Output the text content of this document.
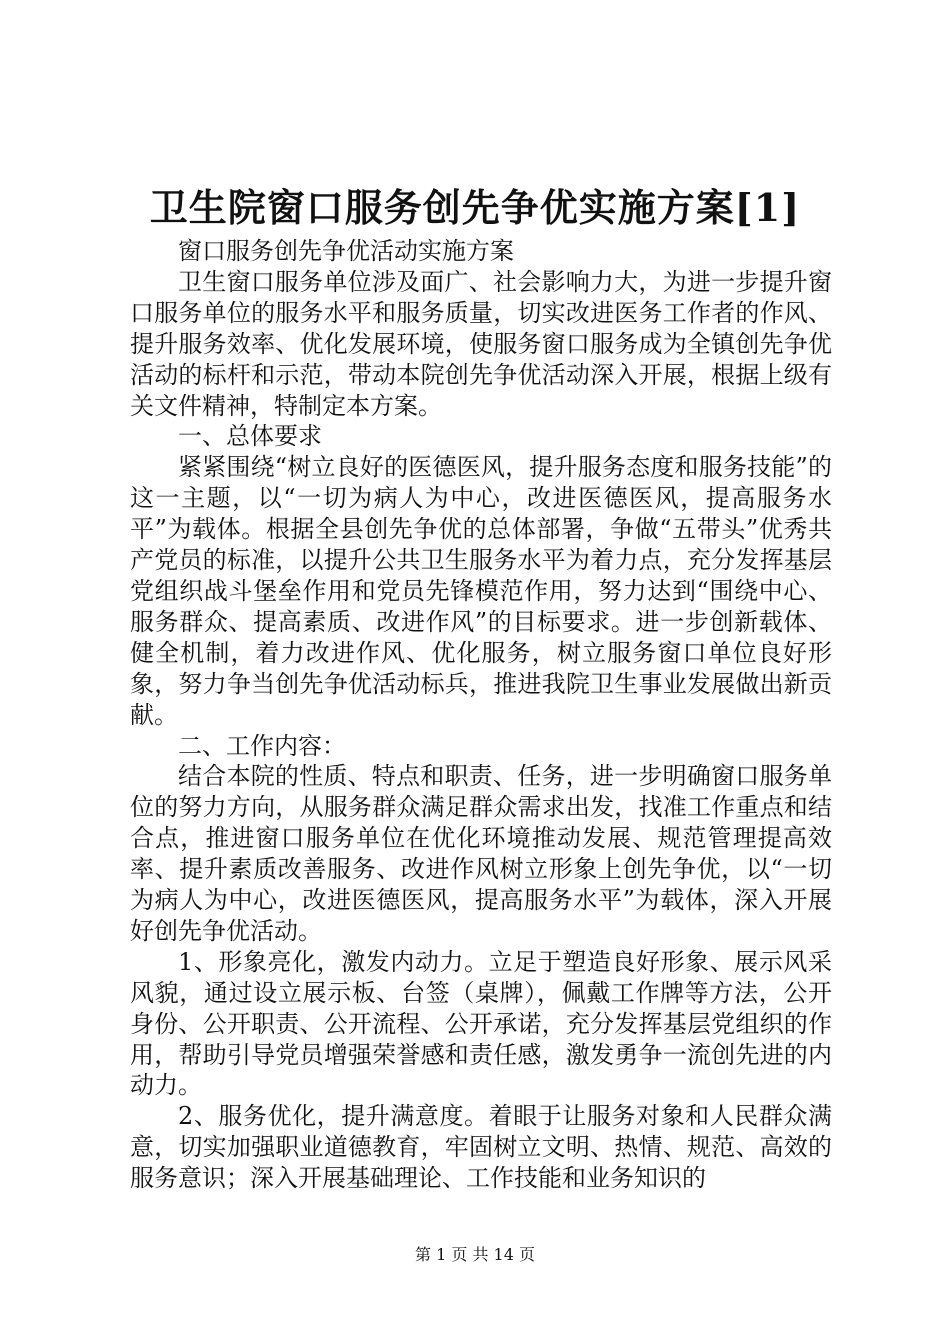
卫生院窗口服务创先争优实施方案[1]

窗口服务创先争优活动实施方案

卫生窗口服务单位涉及面广、社会影响力大，为进一步提升窗口服务单位的服务水平和服务质量，切实改进医务工作者的作风、提升服务效率、优化发展环境，使服务窗口服务成为全镇创先争优活动的标杆和示范，带动本院创先争优活动深入开展，根据上级有关文件精神，特制定本方案。

一、总体要求

紧紧围绕“树立良好的医德医风，提升服务态度和服务技能”的这一主题，以“一切为病人为中心，改进医德医风，提高服务水平”为载体。根据全县创先争优的总体部署，争做“五带头”优秀共产党员的标准，以提升公共卫生服务水平为着力点，充分发挥基层党组织战斗堡垒作用和党员先锋模范作用，努力达到“围绕中心、服务群众、提高素质、改进作风”的目标要求。进一步创新载体、健全机制，着力改进作风、优化服务，树立服务窗口单位良好形象，努力争当创先争优活动标兵，推进我院卫生事业发展做出新贡献。

二、工作内容：

结合本院的性质、特点和职责、任务，进一步明确窗口服务单位的努力方向，从服务群众满足群众需求出发，找准工作重点和结合点，推进窗口服务单位在优化环境推动发展、规范管理提高效率、提升素质改善服务、改进作风树立形象上创先争优，以“一切为病人为中心，改进医德医风，提高服务水平”为载体，深入开展好创先争优活动。

1、形象亮化，激发内动力。立足于塑造良好形象、展示风采风貌，通过设立展示板、台签（桌牌），佩戴工作牌等方法，公开身份、公开职责、公开流程、公开承诺，充分发挥基层党组织的作用，帮助引导党员增强荣誉感和责任感，激发勇争一流创先进的内动力。

2、服务优化，提升满意度。着眼于让服务对象和人民群众满意，切实加强职业道德教育，牢固树立文明、热情、规范、高效的服务意识；深入开展基础理论、工作技能和业务知识的

第 1 页 共 14 页
